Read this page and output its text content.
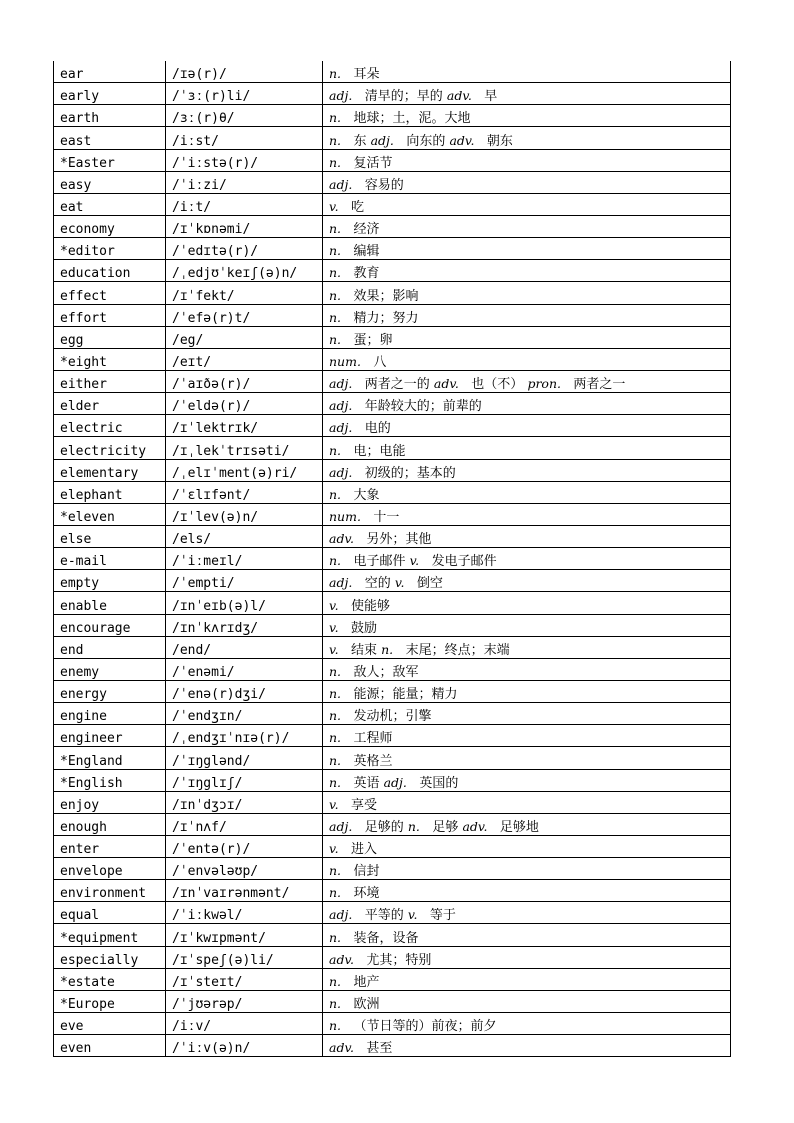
ear	/ɪə(r)/	n. 耳朵
early	/ˈɜː(r)li/	adj. 清早的；早的 adv. 早
earth	/ɜː(r)θ/	n. 地球；土，泥。大地
east	/iːst/	n. 东 adj. 向东的 adv. 朝东
*Easter	/ˈiːstə(r)/	n. 复活节
easy	/ˈiːzi/	adj. 容易的
eat	/iːt/	v. 吃
economy	/ɪˈkɒnəmi/	n. 经济
*editor	/ˈedɪtə(r)/	n. 编辑
education	/ˌedjʊˈkeɪʃ(ə)n/	n. 教育
effect	/ɪˈfekt/	n. 效果；影响
effort	/ˈefə(r)t/	n. 精力；努力
egg	/eg/	n. 蛋；卵
*eight	/eɪt/	num. 八
either	/ˈaɪðə(r)/	adj. 两者之一的 adv. 也（不） pron. 两者之一
elder	/ˈeldə(r)/	adj. 年龄较大的；前辈的
electric	/ɪˈlektrɪk/	adj. 电的
electricity	/ɪˌlekˈtrɪsəti/	n. 电；电能
elementary	/ˌelɪˈment(ə)ri/	adj. 初级的；基本的
elephant	/ˈɛlɪfənt/	n. 大象
*eleven	/ɪˈlev(ə)n/	num. 十一
else	/els/	adv. 另外；其他
e-mail	/ˈiːmeɪl/	n. 电子邮件 v. 发电子邮件
empty	/ˈempti/	adj. 空的 v. 倒空
enable	/ɪnˈeɪb(ə)l/	v. 使能够
encourage	/ɪnˈkʌrɪdʒ/	v. 鼓励
end	/end/	v. 结束 n. 末尾；终点；末端
enemy	/ˈenəmi/	n. 敌人；敌军
energy	/ˈenə(r)dʒi/	n. 能源；能量；精力
engine	/ˈendʒɪn/	n. 发动机；引擎
engineer	/ˌendʒɪˈnɪə(r)/	n. 工程师
*England	/ˈɪŋglənd/	n. 英格兰
*English	/ˈɪŋglɪʃ/	n. 英语 adj. 英国的
enjoy	/ɪnˈdʒɔɪ/	v. 享受
enough	/ɪˈnʌf/	adj. 足够的 n. 足够 adv. 足够地
enter	/ˈentə(r)/	v. 进入
envelope	/ˈenvələʊp/	n. 信封
environment	/ɪnˈvaɪrənmənt/	n. 环境
equal	/ˈiːkwəl/	adj. 平等的 v. 等于
*equipment	/ɪˈkwɪpmənt/	n. 装备，设备
especially	/ɪˈspeʃ(ə)li/	adv. 尤其；特别
*estate	/ɪˈsteɪt/	n. 地产
*Europe	/ˈjʊərəp/	n. 欧洲
eve	/iːv/	n. （节日等的）前夜；前夕
even	/ˈiːv(ə)n/	adv. 甚至
